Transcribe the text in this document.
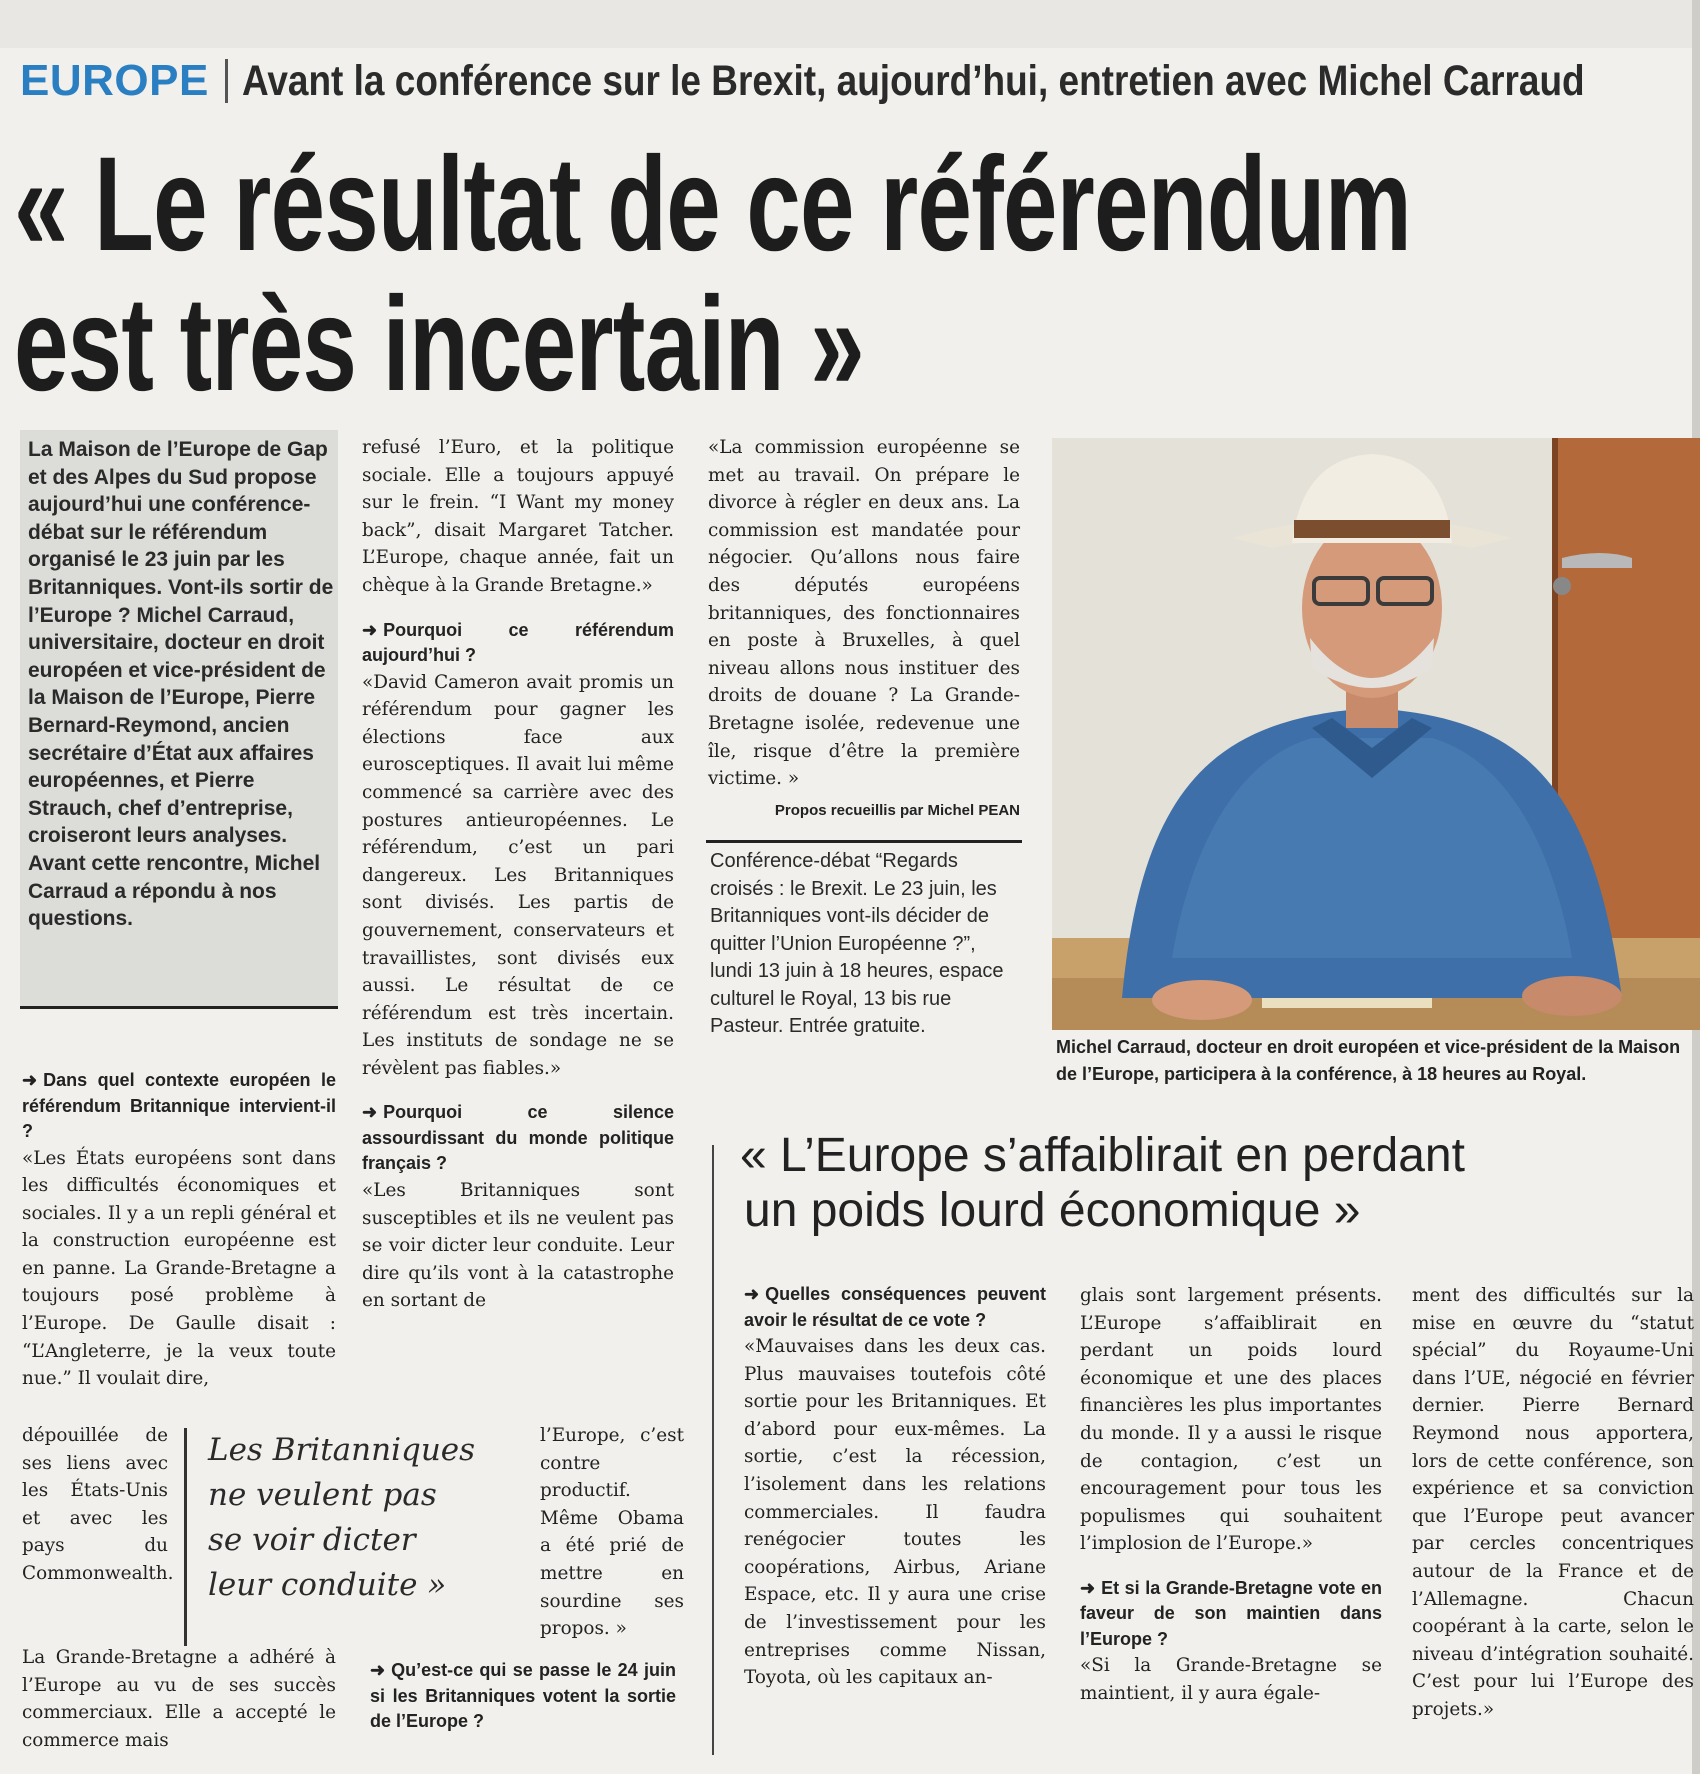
EUROPE Avant la conférence sur le Brexit, aujourd’hui, entretien avec Michel Carraud
« Le résultat de ce référendum
est très incertain »
La Maison de l’Europe de Gap et des Alpes du Sud propose aujourd’hui une conférence-débat sur le référendum organisé le 23 juin par les Britanniques. Vont-ils sortir de l’Europe ? Michel Carraud, universitaire, docteur en droit européen et vice-président de la Maison de l’Europe, Pierre Bernard-Reymond, ancien secrétaire d’État aux affaires européennes, et Pierre Strauch, chef d’entreprise, croiseront leurs analyses. Avant cette rencontre, Michel Carraud a répondu à nos questions.
➜ Dans quel contexte européen le référendum Britannique intervient-il ?
«Les États européens sont dans les difficultés économiques et sociales. Il y a un repli général et la construction européenne est en panne. La Grande-Bretagne a toujours posé problème à l’Europe. De Gaulle disait : “L’Angleterre, je la veux toute nue.” Il voulait dire,
dépouillée de ses liens avec les États-Unis et avec les pays du Commonwealth.
La Grande-Bretagne a adhéré à l’Europe au vu de ses succès commerciaux. Elle a accepté le commerce mais
Les Britanniques
ne veulent pas
se voir dicter
leur conduite »
refusé l’Euro, et la politique sociale. Elle a toujours appuyé sur le frein. “I Want my money back”, disait Margaret Tatcher. L’Europe, chaque année, fait un chèque à la Grande Bretagne.»
➜ Pourquoi ce référendum aujourd’hui ?
«David Cameron avait promis un référendum pour gagner les élections face aux eurosceptiques. Il avait lui même commencé sa carrière avec des postures antieuropéennes. Le référendum, c’est un pari dangereux. Les Britanniques sont divisés. Les partis de gouvernement, conservateurs et travaillistes, sont divisés eux aussi. Le résultat de ce référendum est très incertain. Les instituts de sondage ne se révèlent pas fiables.»
➜ Pourquoi ce silence assourdissant du monde politique français ?
«Les Britanniques sont susceptibles et ils ne veulent pas se voir dicter leur conduite. Leur dire qu’ils vont à la catastrophe en sortant de
l’Europe, c’est contre productif. Même Obama a été prié de mettre en sourdine ses propos. »
➜ Qu’est-ce qui se passe le 24 juin si les Britanniques votent la sortie de l’Europe ?
«La commission européenne se met au travail. On prépare le divorce à régler en deux ans. La commission est mandatée pour négocier. Qu’allons nous faire des députés européens britanniques, des fonctionnaires en poste à Bruxelles, à quel niveau allons nous instituer des droits de douane ? La Grande-Bretagne isolée, redevenue une île, risque d’être la première victime. »
Propos recueillis par Michel PEAN
Conférence-débat “Regards croisés : le Brexit. Le 23 juin, les Britanniques vont-ils décider de quitter l’Union Européenne ?”, lundi 13 juin à 18 heures, espace culturel le Royal, 13 bis rue Pasteur. Entrée gratuite.
Michel Carraud, docteur en droit européen et vice-président de la Maison de l’Europe, participera à la conférence, à 18 heures au Royal.
« L’Europe s’affaiblirait en perdant
un poids lourd économique »
➜ Quelles conséquences peuvent avoir le résultat de ce vote ?
«Mauvaises dans les deux cas. Plus mauvaises toutefois côté sortie pour les Britanniques. Et d’abord pour eux-mêmes. La sortie, c’est la récession, l’isolement dans les relations commerciales. Il faudra renégocier toutes les coopérations, Airbus, Ariane Espace, etc. Il y aura une crise de l’investissement pour les entreprises comme Nissan, Toyota, où les capitaux an-
glais sont largement présents. L’Europe s’affaiblirait en perdant un poids lourd économique et une des places financières les plus importantes du monde. Il y a aussi le risque de contagion, c’est un encouragement pour tous les populismes qui souhaitent l’implosion de l’Europe.»
➜ Et si la Grande-Bretagne vote en faveur de son maintien dans l’Europe ?
«Si la Grande-Bretagne se maintient, il y aura égale-
ment des difficultés sur la mise en œuvre du “statut spécial” du Royaume-Uni dans l’UE, négocié en février dernier. Pierre Bernard Reymond nous apportera, lors de cette conférence, son expérience et sa conviction que l’Europe peut avancer par cercles concentriques autour de la France et de l’Allemagne. Chacun coopérant à la carte, selon le niveau d’intégration souhaité. C’est pour lui l’Europe des projets.»
